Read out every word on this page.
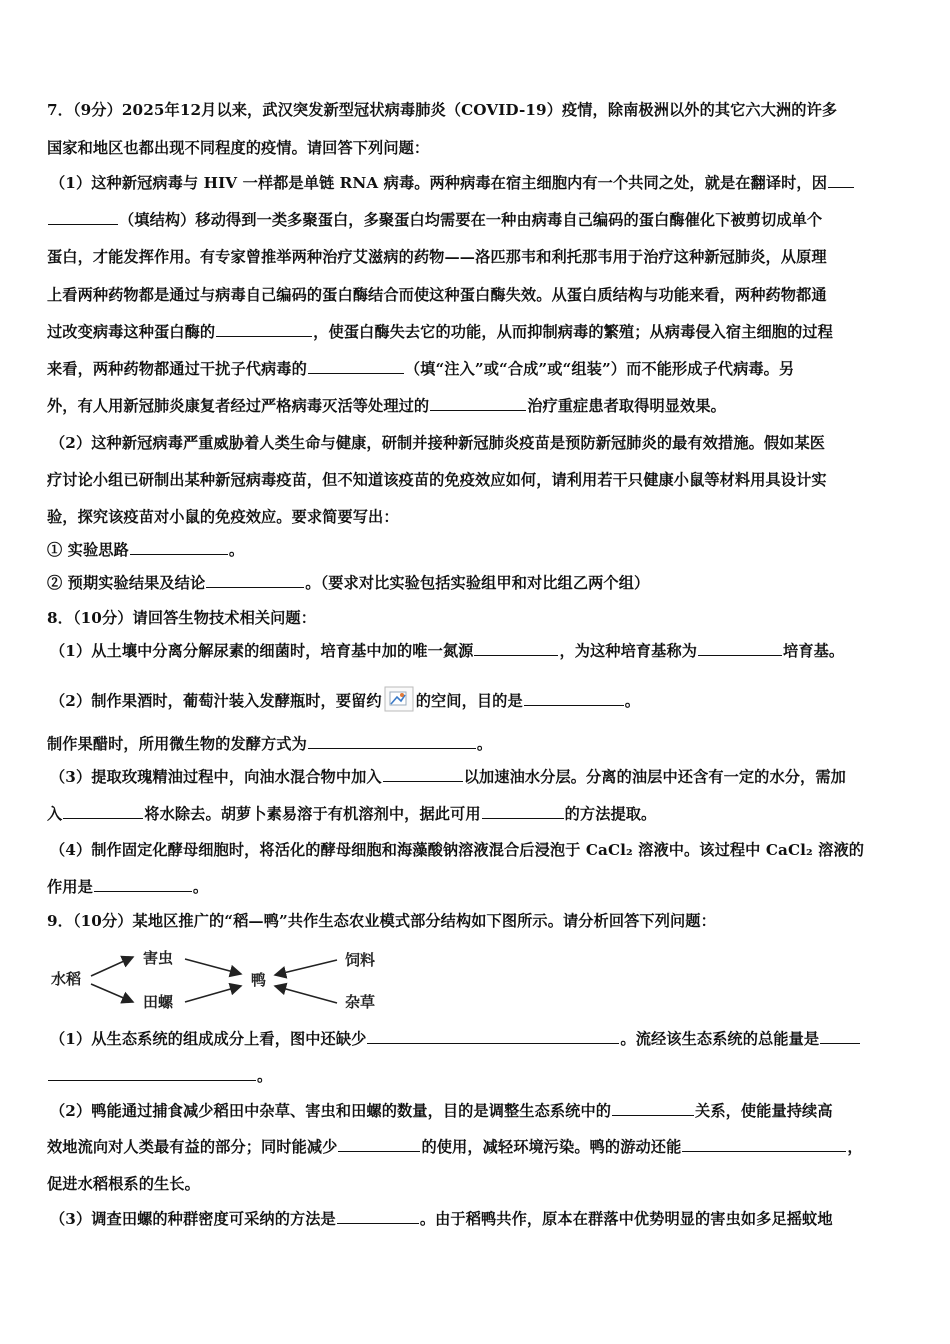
7．（9分）2025年12月以来，武汉突发新型冠状病毒肺炎（COVID-19）疫情，除南极洲以外的其它六大洲的许多
国家和地区也都出现不同程度的疫情。请回答下列问题：
（1）这种新冠病毒与 HIV 一样都是单链 RNA 病毒。两种病毒在宿主细胞内有一个共同之处，就是在翻译时，因
（填结构）移动得到一类多聚蛋白，多聚蛋白均需要在一种由病毒自己编码的蛋白酶催化下被剪切成单个
蛋白，才能发挥作用。有专家曾推举两种治疗艾滋病的药物——洛匹那韦和利托那韦用于治疗这种新冠肺炎，从原理
上看两种药物都是通过与病毒自己编码的蛋白酶结合而使这种蛋白酶失效。从蛋白质结构与功能来看，两种药物都通
过改变病毒这种蛋白酶的	，使蛋白酶失去它的功能，从而抑制病毒的繁殖；从病毒侵入宿主细胞的过程
来看，两种药物都通过干扰子代病毒的	（填“注入”或“合成”或“组装”）而不能形成子代病毒。另
外，有人用新冠肺炎康复者经过严格病毒灭活等处理过的	治疗重症患者取得明显效果。
（2）这种新冠病毒严重威胁着人类生命与健康，研制并接种新冠肺炎疫苗是预防新冠肺炎的最有效措施。假如某医
疗讨论小组已研制出某种新冠病毒疫苗，但不知道该疫苗的免疫效应如何，请利用若干只健康小鼠等材料用具设计实
验，探究该疫苗对小鼠的免疫效应。要求简要写出：
① 实验思路	。
② 预期实验结果及结论	。（要求对比实验包括实验组甲和对比组乙两个组）
8．（10分）请回答生物技术相关问题：
（1）从土壤中分离分解尿素的细菌时，培育基中加的唯一氮源	，为这种培育基称为	培育基。
（2）制作果酒时，葡萄汁装入发酵瓶时，要留约 的空间，目的是	。
制作果醋时，所用微生物的发酵方式为	。
（3）提取玫瑰精油过程中，向油水混合物中加入	以加速油水分层。分离的油层中还含有一定的水分，需加
入	将水除去。胡萝卜素易溶于有机溶剂中，据此可用	的方法提取。
（4）制作固定化酵母细胞时，将活化的酵母细胞和海藻酸钠溶液混合后浸泡于 CaCl₂ 溶液中。该过程中 CaCl₂ 溶液的
作用是	。
9．（10分）某地区推广的“稻—鸭”共作生态农业模式部分结构如下图所示。请分析回答下列问题：
水稻
害虫
田螺
鸭
饲料
杂草
（1）从生态系统的组成成分上看，图中还缺少	。流经该生态系统的总能量是
。
（2）鸭能通过捕食减少稻田中杂草、害虫和田螺的数量，目的是调整生态系统中的	关系，使能量持续高
效地流向对人类最有益的部分；同时能减少	的使用，减轻环境污染。鸭的游动还能	，
促进水稻根系的生长。
（3）调查田螺的种群密度可采纳的方法是	。由于稻鸭共作，原本在群落中优势明显的害虫如多足摇蚊地
